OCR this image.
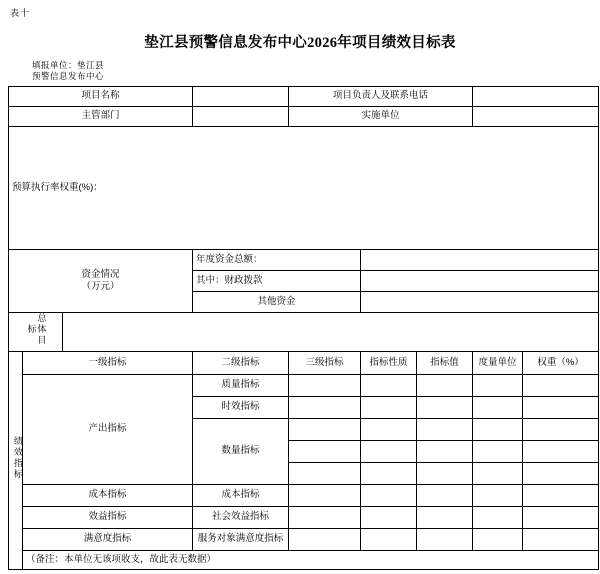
表十
垫江县预警信息发布中心2026年项目绩效目标表
填报单位：垫江县预警信息发布中心
项目名称				项目负责人及联系电话				
主管部门				实施单位				
预算执行率权重(%)：								

资金情况
（万元）			年度资金总额：					
			其中：财政拨款					
			其他资金					
总体目标								
绩效指标	一级指标		二级指标	三级指标	指标性质	指标值	度量单位	权重（%）
	产出指标		质量指标					
			时效指标					
			数量指标					

	成本指标		成本指标					
	效益指标		社会效益指标					
	满意度指标		服务对象满意度指标					
	（备注：本单位无该项收支，故此表无数据）							
